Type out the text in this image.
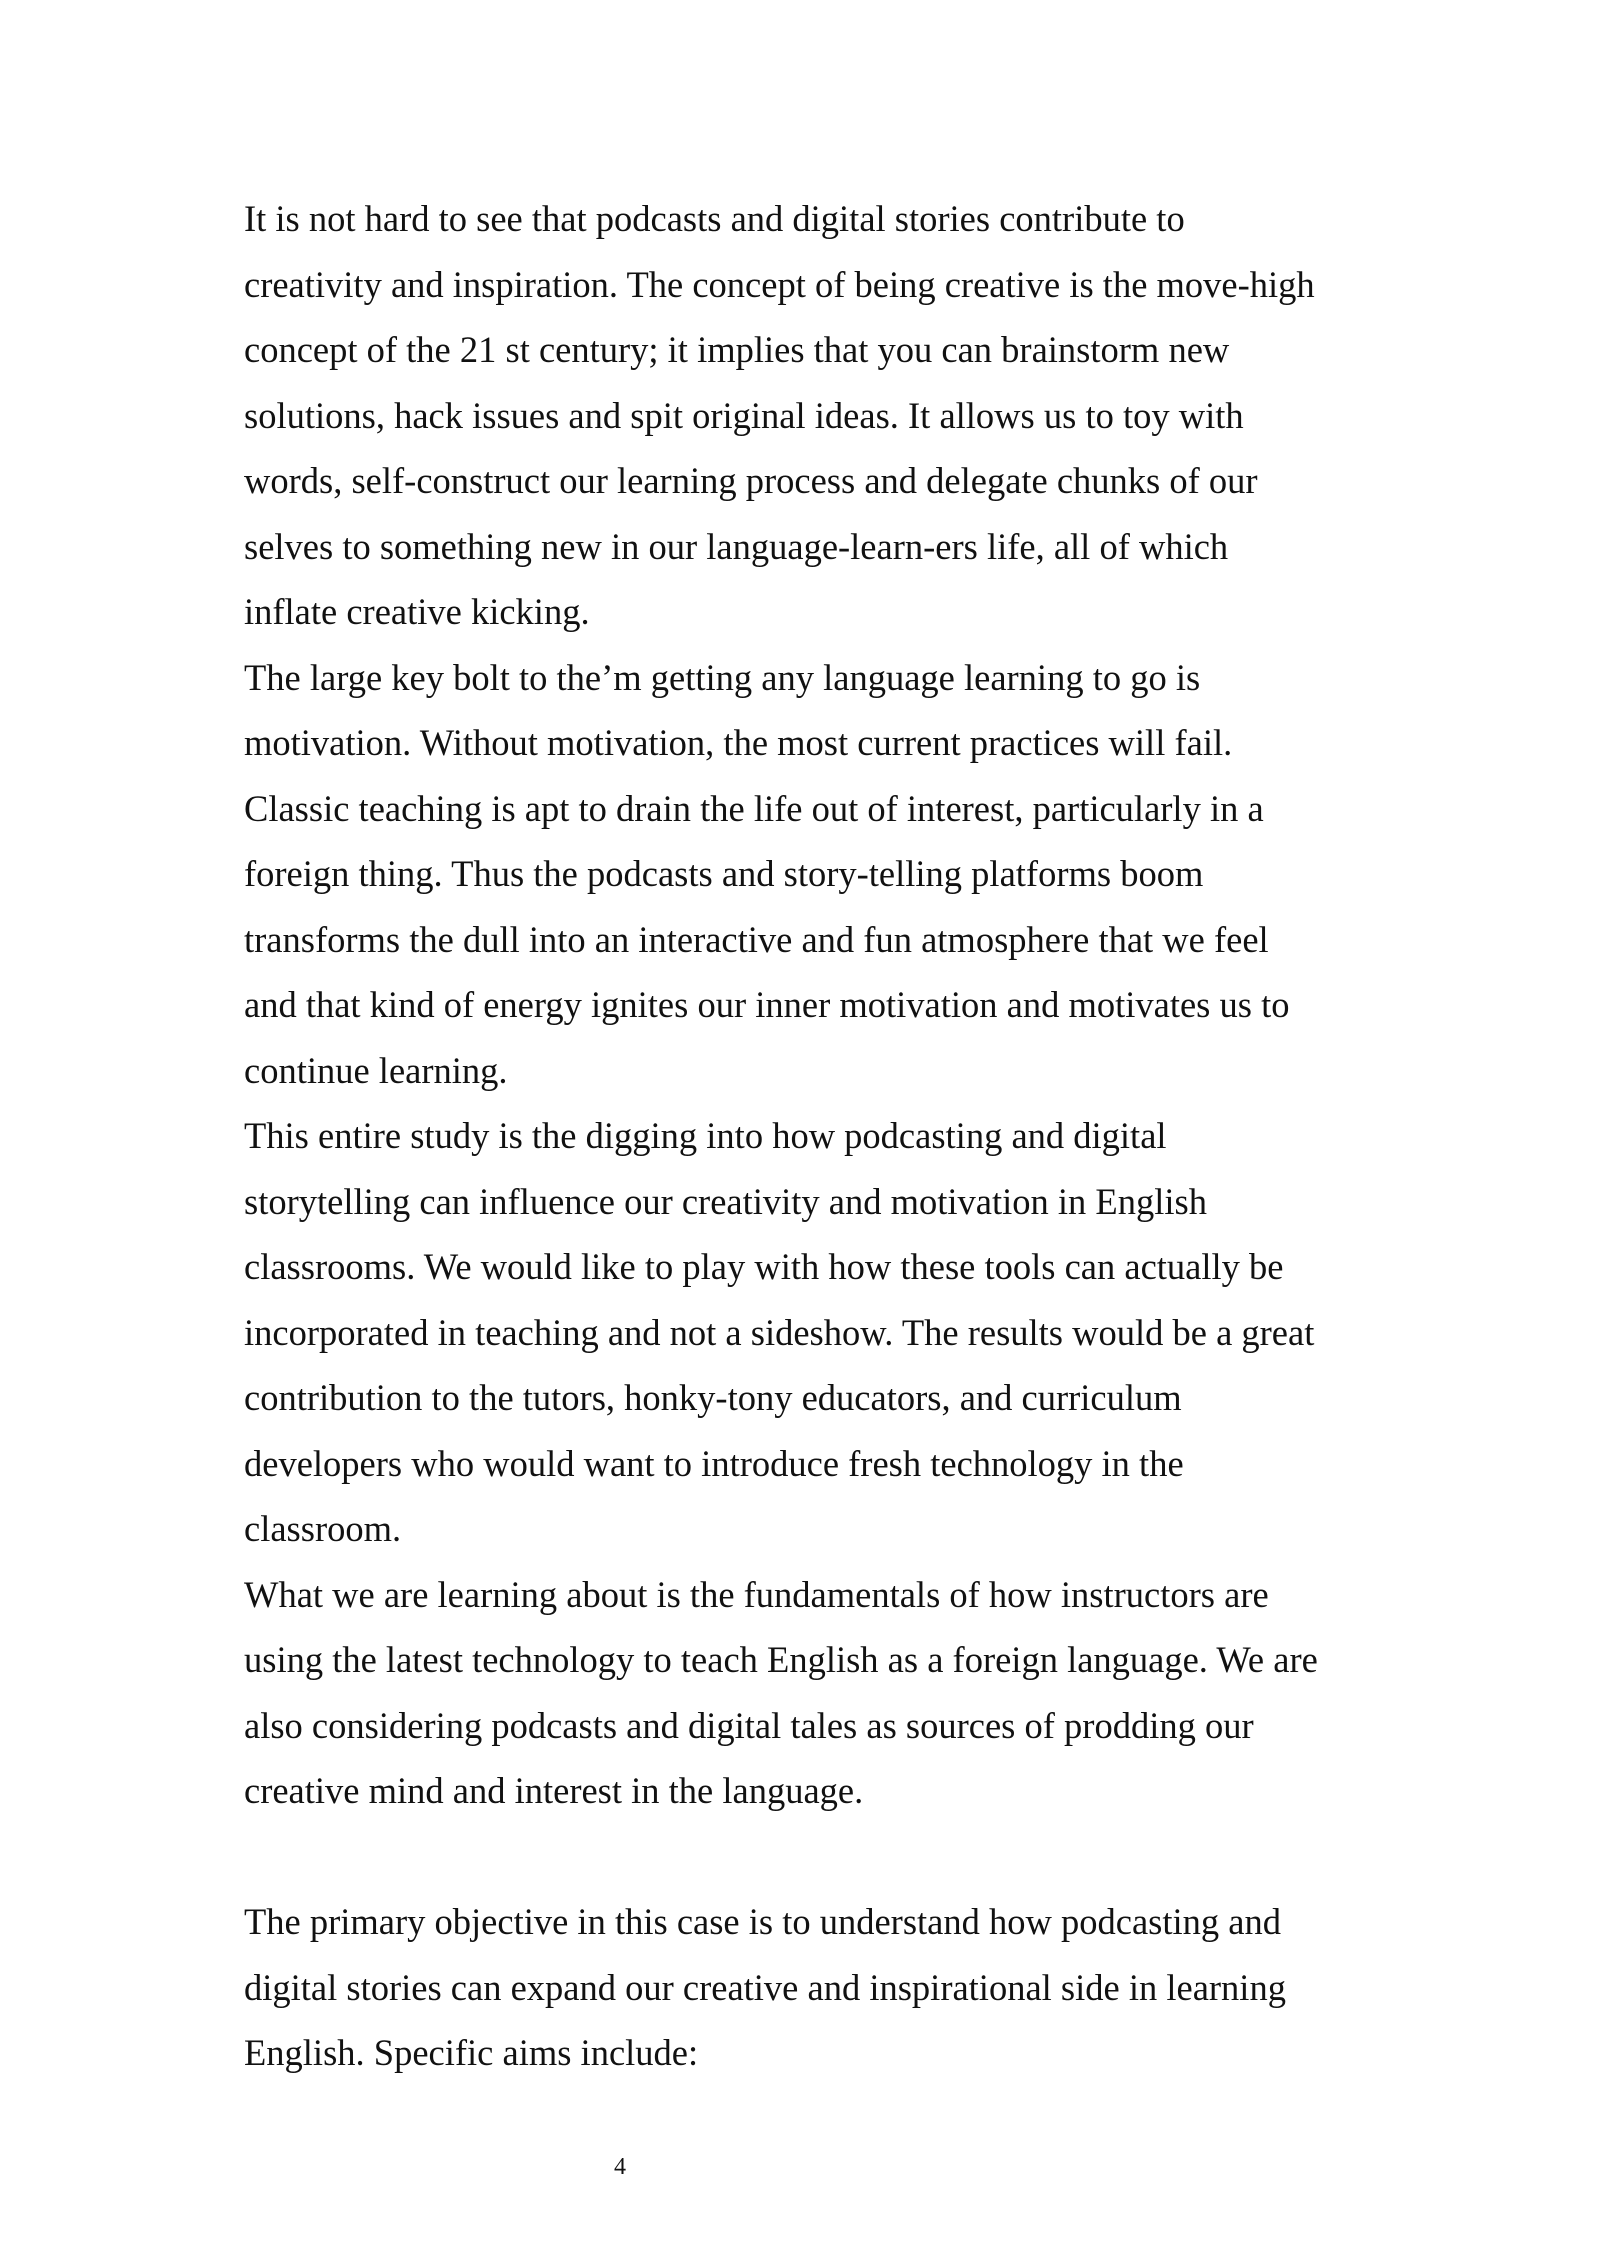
It is not hard to see that podcasts and digital stories contribute to
creativity and inspiration. The concept of being creative is the move-high
concept of the 21 st century; it implies that you can brainstorm new
solutions, hack issues and spit original ideas. It allows us to toy with
words, self-construct our learning process and delegate chunks of our
selves to something new in our language-learn-ers life, all of which
inflate creative kicking.
The large key bolt to the’m getting any language learning to go is
motivation. Without motivation, the most current practices will fail.
Classic teaching is apt to drain the life out of interest, particularly in a
foreign thing. Thus the podcasts and story-telling platforms boom
transforms the dull into an interactive and fun atmosphere that we feel
and that kind of energy ignites our inner motivation and motivates us to
continue learning.
This entire study is the digging into how podcasting and digital
storytelling can influence our creativity and motivation in English
classrooms. We would like to play with how these tools can actually be
incorporated in teaching and not a sideshow. The results would be a great
contribution to the tutors, honky-tony educators, and curriculum
developers who would want to introduce fresh technology in the
classroom.
What we are learning about is the fundamentals of how instructors are
using the latest technology to teach English as a foreign language. We are
also considering podcasts and digital tales as sources of prodding our
creative mind and interest in the language.
The primary objective in this case is to understand how podcasting and
digital stories can expand our creative and inspirational side in learning
English. Specific aims include:
4
